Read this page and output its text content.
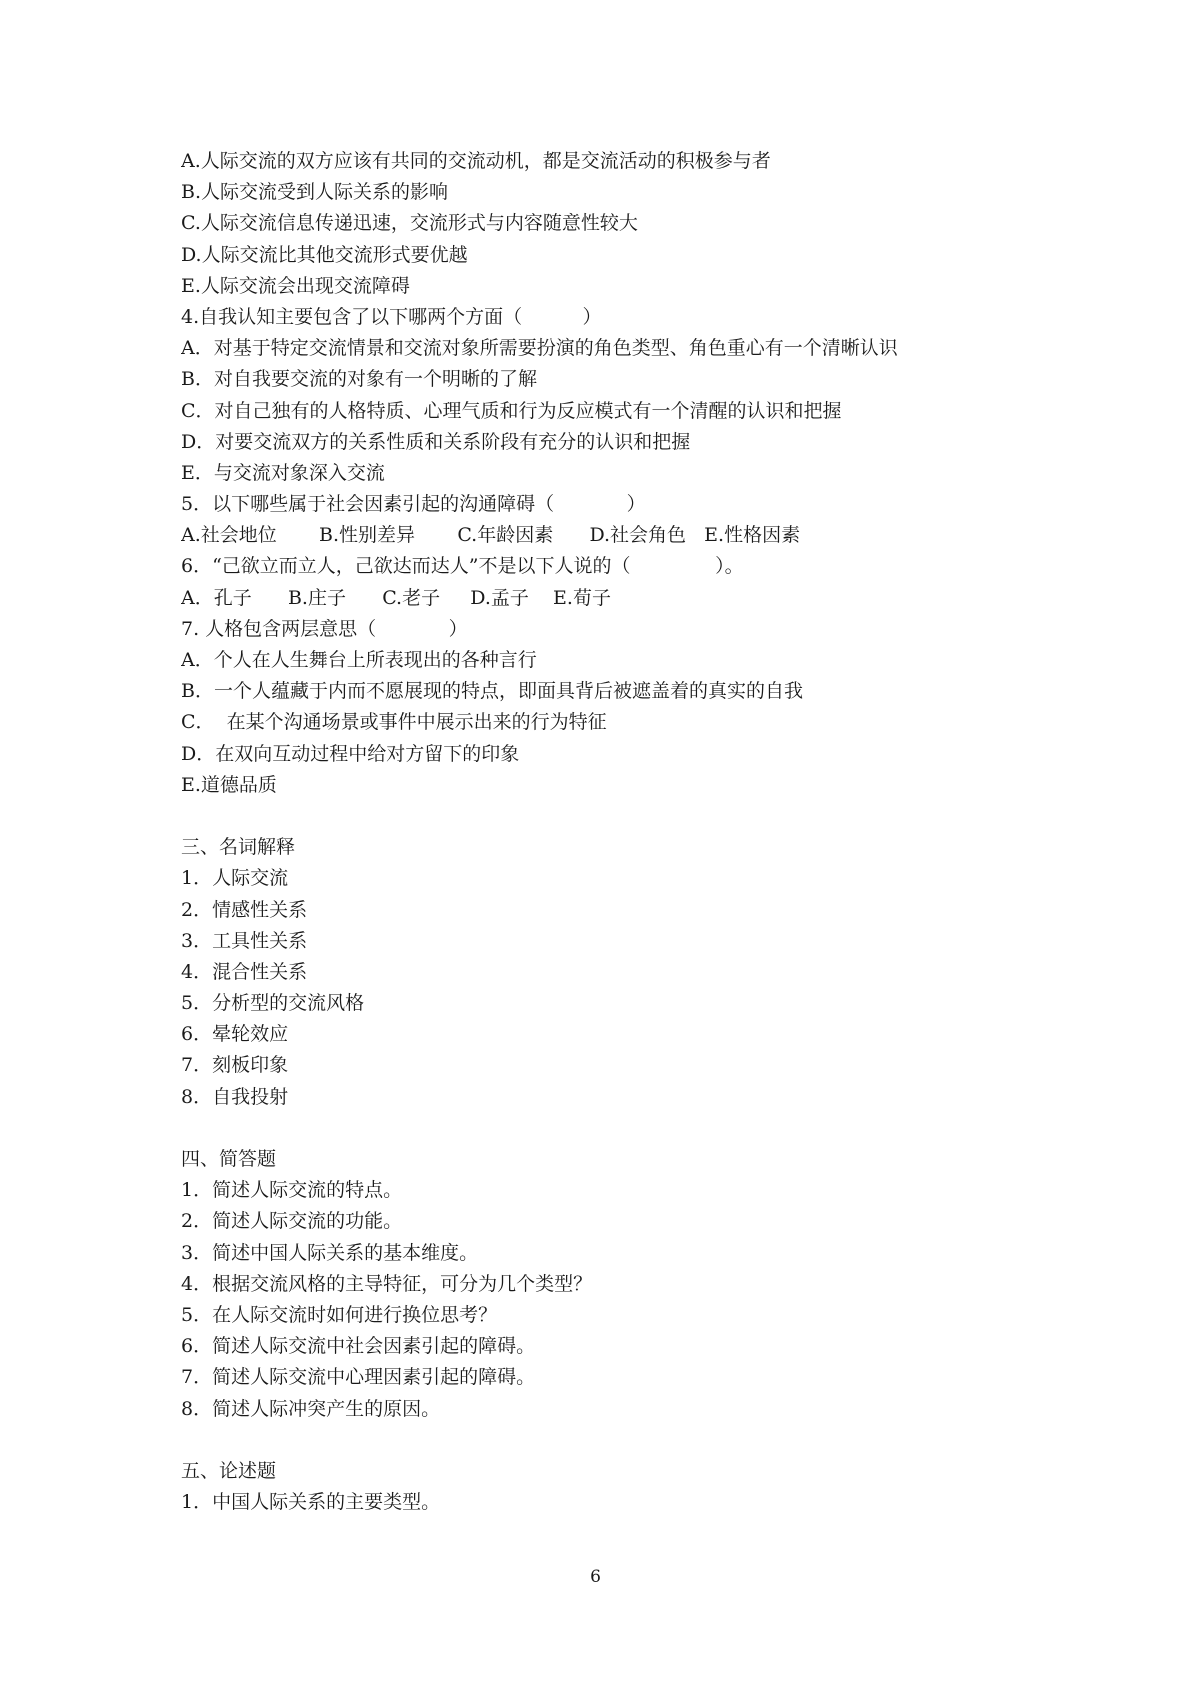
A.人际交流的双方应该有共同的交流动机，都是交流活动的积极参与者
B.人际交流受到人际关系的影响
C.人际交流信息传递迅速，交流形式与内容随意性较大
D.人际交流比其他交流形式要优越
E.人际交流会出现交流障碍
4.自我认知主要包含了以下哪两个方面（          ）
A．对基于特定交流情景和交流对象所需要扮演的角色类型、角色重心有一个清晰认识
B．对自我要交流的对象有一个明晰的了解
C．对自己独有的人格特质、心理气质和行为反应模式有一个清醒的认识和把握
D．对要交流双方的关系性质和关系阶段有充分的认识和把握
E．与交流对象深入交流
5．以下哪些属于社会因素引起的沟通障碍（            ）
A.社会地位       B.性别差异       C.年龄因素      D.社会角色   E.性格因素
6．“己欲立而立人，己欲达而达人”不是以下人说的（              ）。
A．孔子      B.庄子      C.老子     D.孟子    E.荀子
7. 人格包含两层意思（            ）
A．个人在人生舞台上所表现出的各种言行
B．一个人蕴藏于内而不愿展现的特点，即面具背后被遮盖着的真实的自我
C．  在某个沟通场景或事件中展示出来的行为特征
D．在双向互动过程中给对方留下的印象
E.道德品质
三、名词解释
1．人际交流
2．情感性关系
3．工具性关系
4．混合性关系
5．分析型的交流风格
6．晕轮效应
7．刻板印象
8．自我投射
四、简答题
1．简述人际交流的特点。
2．简述人际交流的功能。
3．简述中国人际关系的基本维度。
4．根据交流风格的主导特征，可分为几个类型？
5．在人际交流时如何进行换位思考？
6．简述人际交流中社会因素引起的障碍。
7．简述人际交流中心理因素引起的障碍。
8．简述人际冲突产生的原因。
五、论述题
1．中国人际关系的主要类型。
6
